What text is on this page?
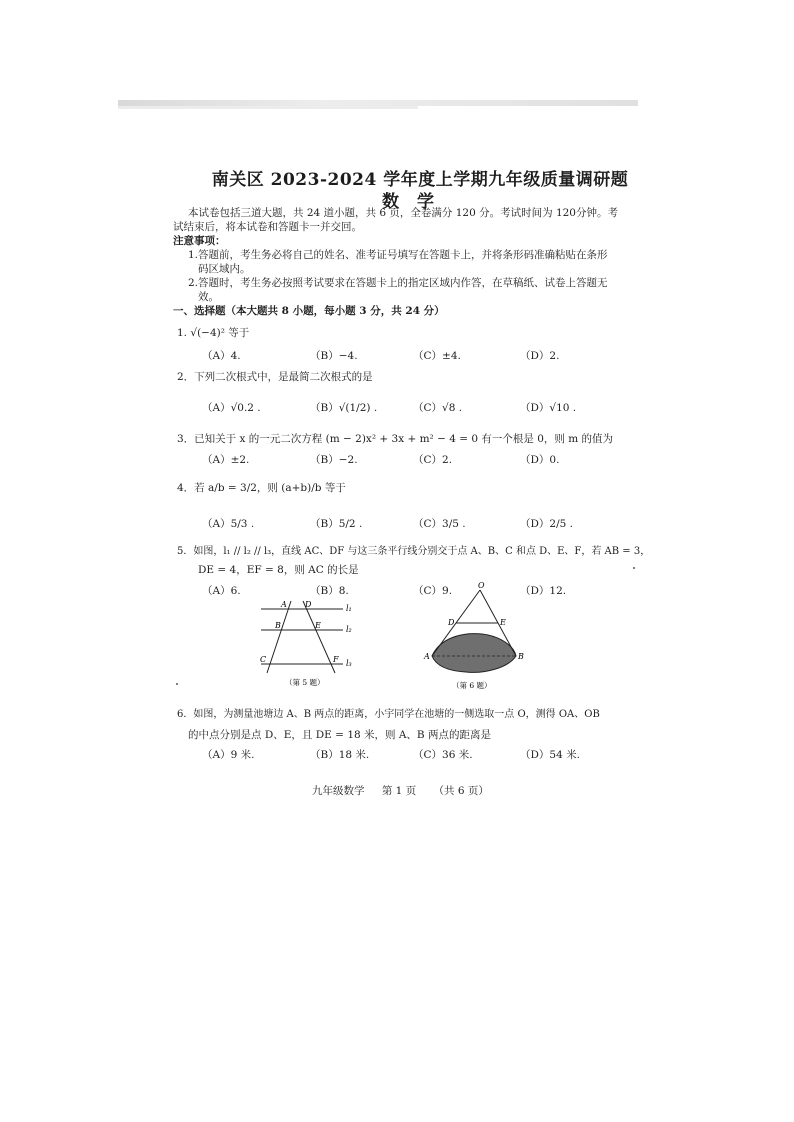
南关区 2023-2024 学年度上学期九年级质量调研题
数学
本试卷包括三道大题，共 24 道小题，共 6 页，全卷满分 120 分。考试时间为 120分钟。考
试结束后，将本试卷和答题卡一并交回。
注意事项：
1.答题前，考生务必将自己的姓名、准考证号填写在答题卡上，并将条形码准确粘贴在条形
码区域内。
2.答题时，考生务必按照考试要求在答题卡上的指定区域内作答，在草稿纸、试卷上答题无
效。
一、选择题（本大题共 8 小题，每小题 3 分，共 24 分）
1. √(−4)² 等于
（A）4.	（B）−4.	（C）±4.	（D）2.
2．下列二次根式中，是最简二次根式的是
（A）√0.2 .	（B）√(1/2) .	（C）√8 .	（D）√10 .
3．已知关于 x 的一元二次方程 (m − 2)x² + 3x + m² − 4 = 0 有一个根是 0，则 m 的值为
（A）±2.	（B）−2.	（C）2.	（D）0.
4．若 a/b = 3/2，则 (a+b)/b 等于
（A）5/3 .	（B）5/2 .	（C）3/5 .	（D）2/5 .
5．如图，l₁ // l₂ // l₃，直线 AC、DF 与这三条平行线分别交于点 A、B、C 和点 D、E、F，若 AB = 3，
DE = 4，EF = 8，则 AC 的长是
（A）6.	（B）8.	（C）9.	（D）12.
A D
B	E
C	F
l₁
l₂
l₃
（第 5 题）
O
D	E
A	B
（第 6 题）
6．如图，为测量池塘边 A、B 两点的距离，小宇同学在池塘的一侧选取一点 O，测得 OA、OB
的中点分别是点 D、E，且 DE = 18 米，则 A、B 两点的距离是
（A）9 米.	（B）18 米.	（C）36 米.	（D）54 米.
九年级数学 第 1 页 （共 6 页）
